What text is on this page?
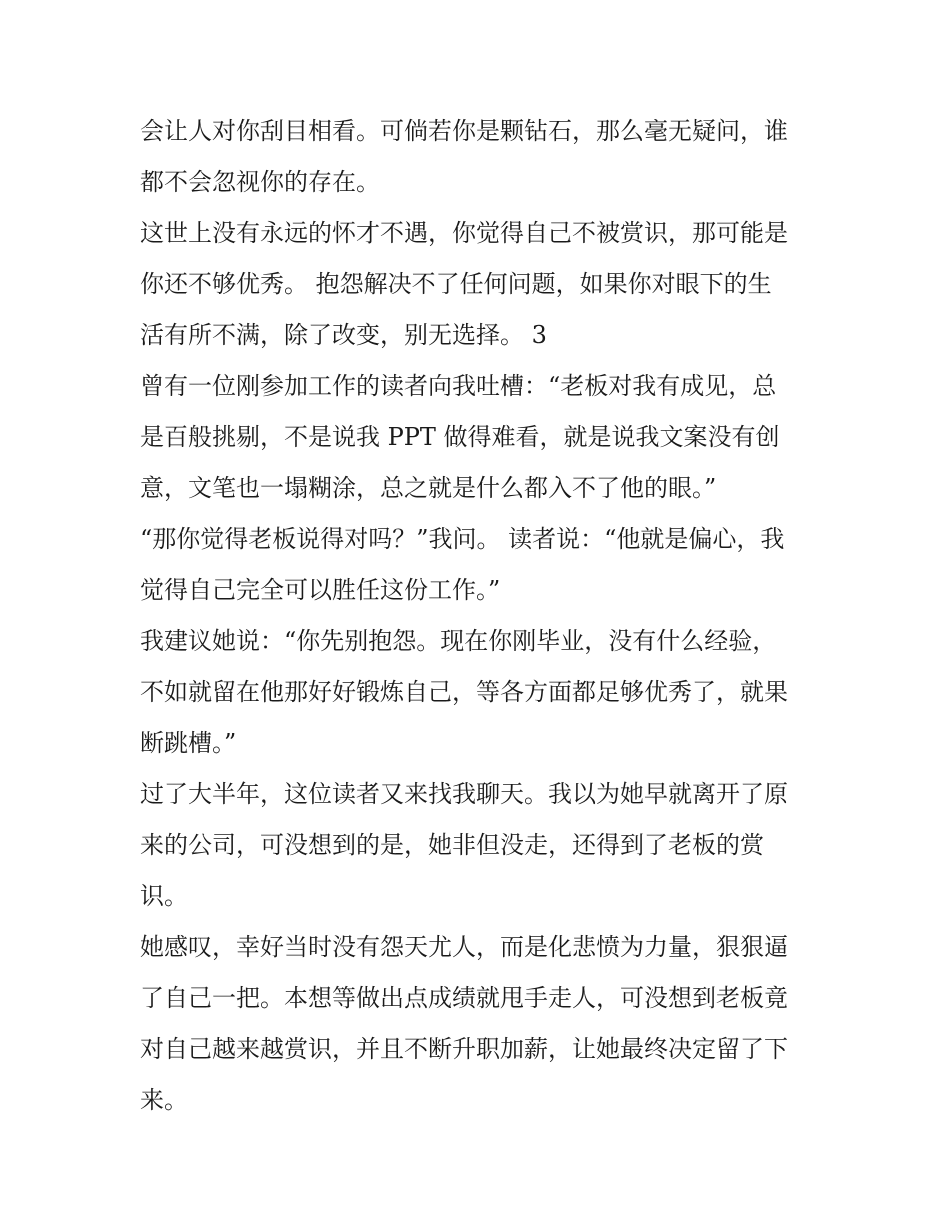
会让人对你刮目相看。可倘若你是颗钻石，那么毫无疑问，谁
都不会忽视你的存在。
这世上没有永远的怀才不遇，你觉得自己不被赏识，那可能是
你还不够优秀。 抱怨解决不了任何问题，如果你对眼下的生
活有所不满，除了改变，别无选择。 3
曾有一位刚参加工作的读者向我吐槽：“老板对我有成见，总
是百般挑剔，不是说我 PPT 做得难看，就是说我文案没有创
意，文笔也一塌糊涂，总之就是什么都入不了他的眼。”
“那你觉得老板说得对吗？”我问。 读者说：“他就是偏心，我
觉得自己完全可以胜任这份工作。”
我建议她说：“你先别抱怨。现在你刚毕业，没有什么经验，
不如就留在他那好好锻炼自己，等各方面都足够优秀了，就果
断跳槽。”
过了大半年，这位读者又来找我聊天。我以为她早就离开了原
来的公司，可没想到的是，她非但没走，还得到了老板的赏
识。
她感叹，幸好当时没有怨天尤人，而是化悲愤为力量，狠狠逼
了自己一把。本想等做出点成绩就甩手走人，可没想到老板竟
对自己越来越赏识，并且不断升职加薪，让她最终决定留了下
来。
